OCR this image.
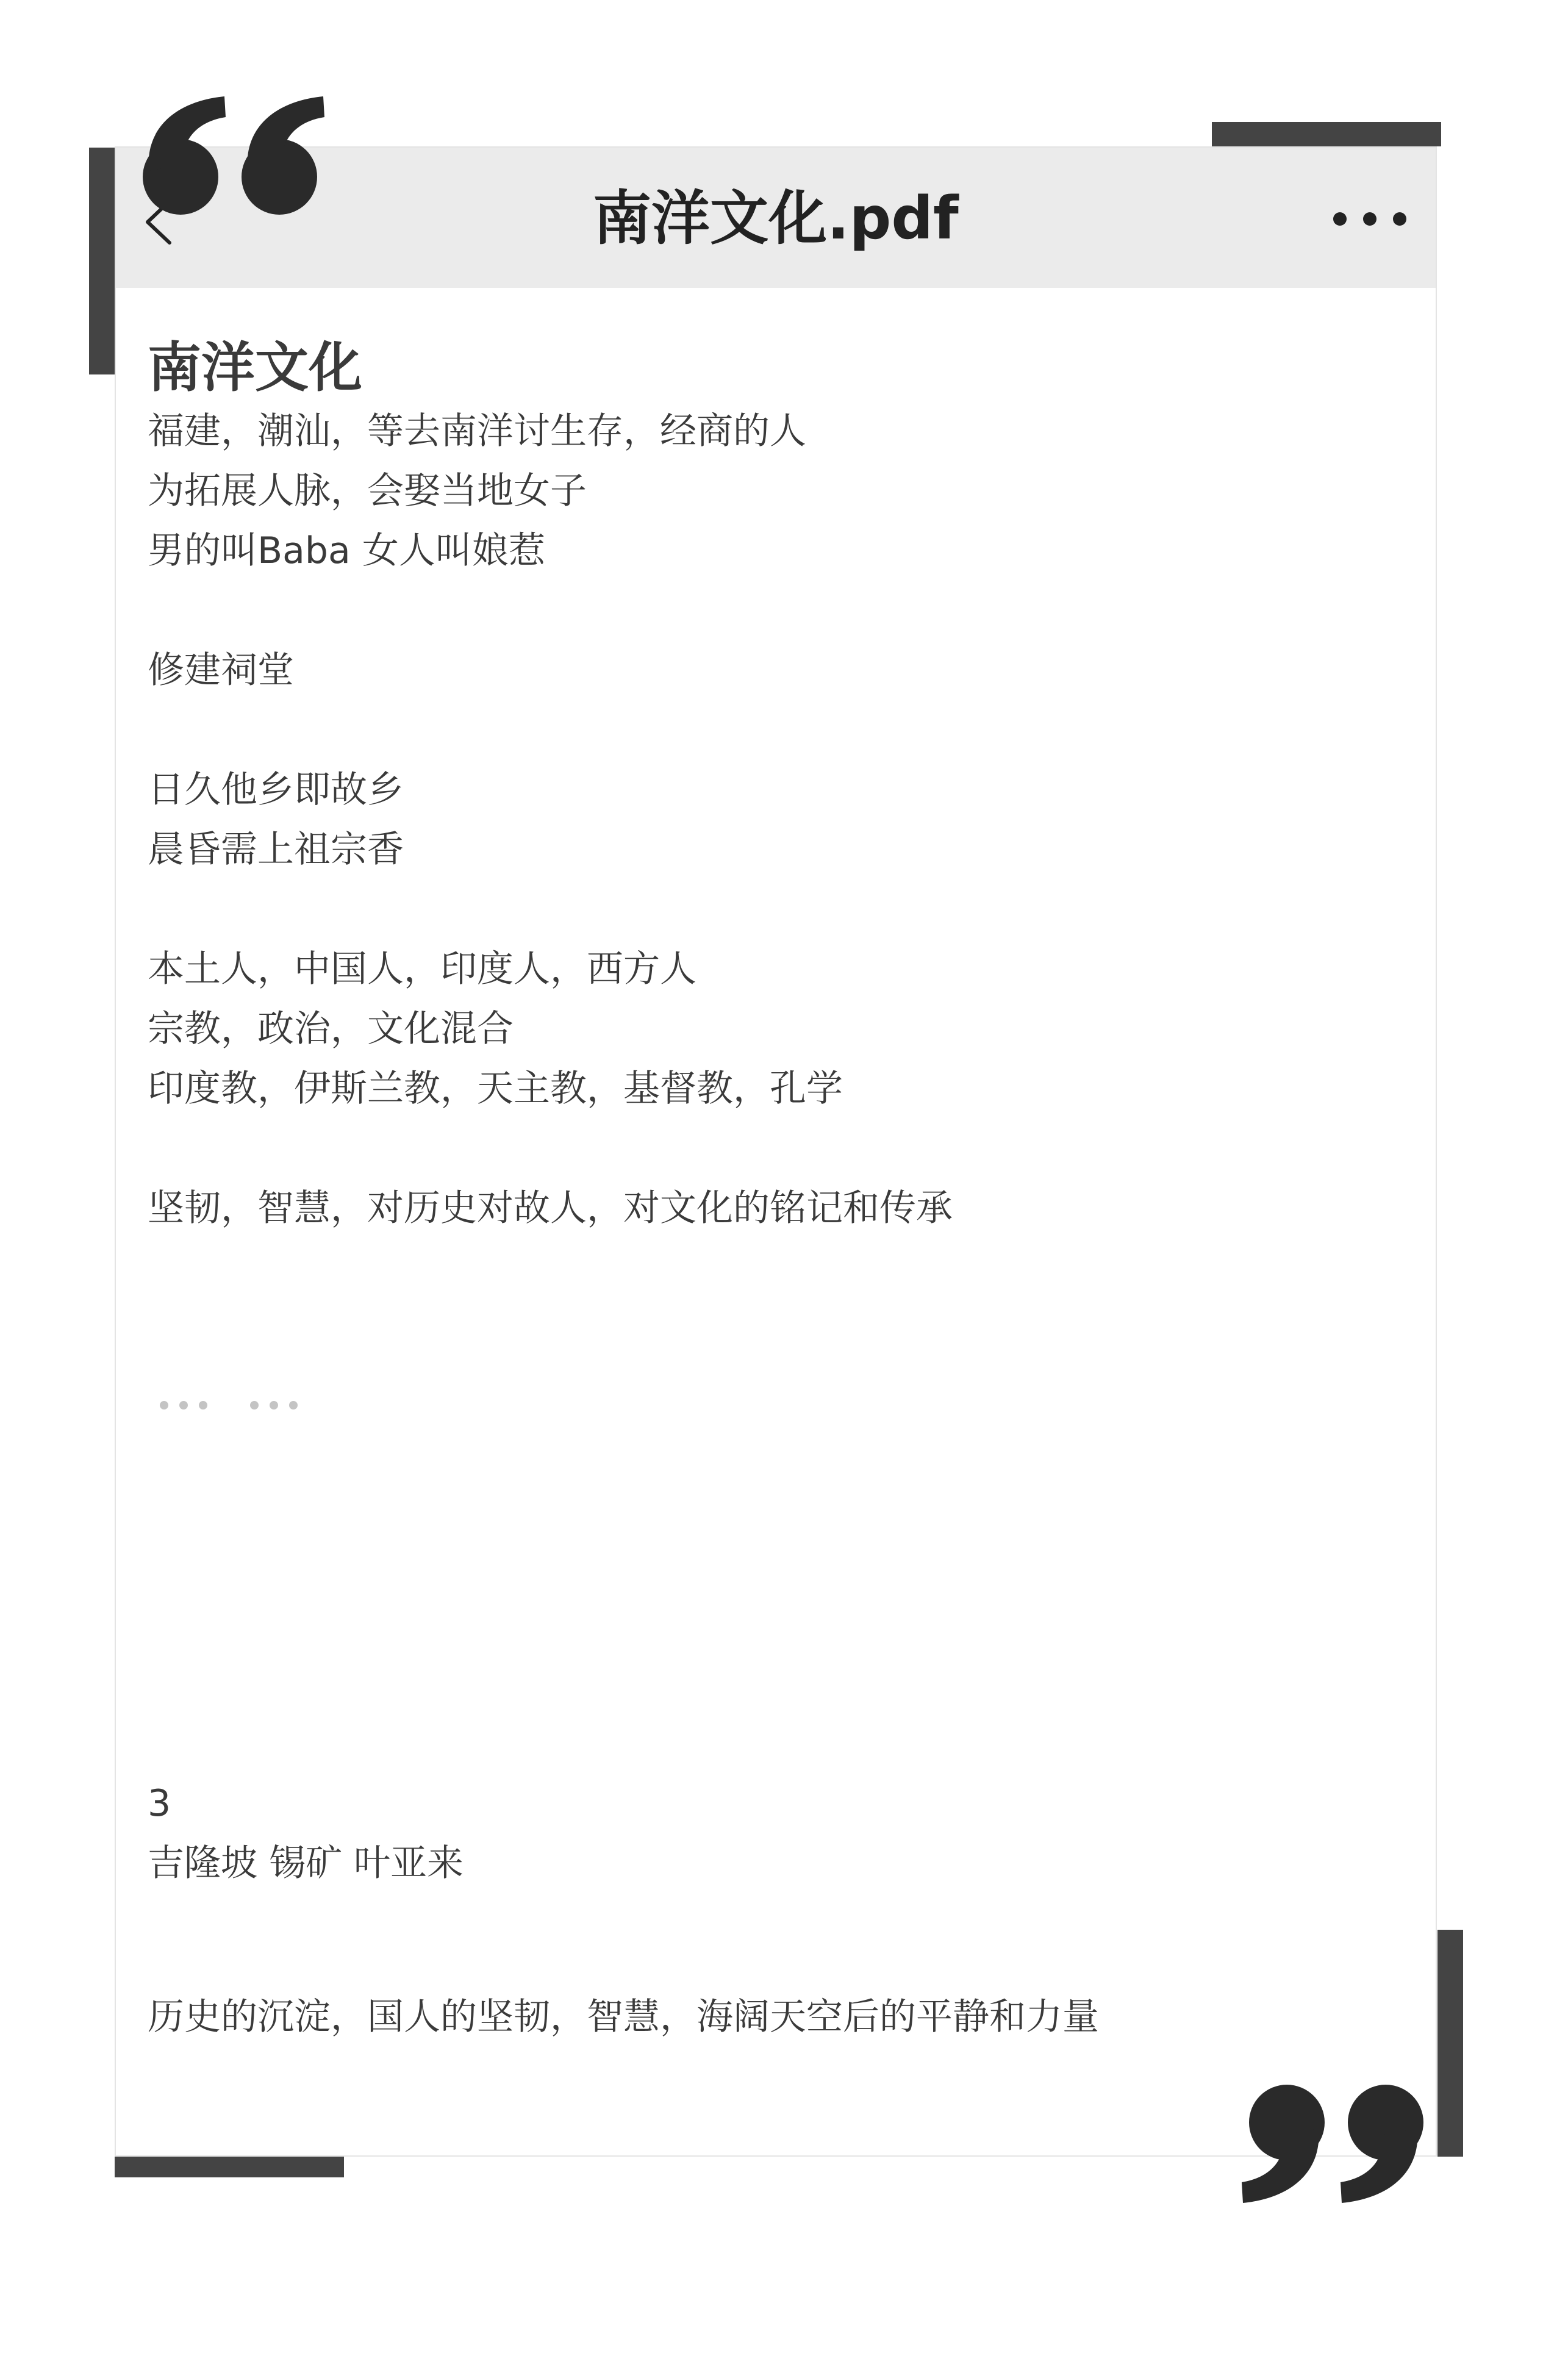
南洋文化.pdf
南洋文化
福建，潮汕，等去南洋讨生存，经商的人
为拓展人脉，会娶当地女子
男的叫Baba 女人叫娘惹
修建祠堂
日久他乡即故乡
晨昏需上祖宗香
本土人，中国人，印度人，西方人
宗教，政治，文化混合
印度教，伊斯兰教，天主教，基督教，孔学
坚韧，智慧，对历史对故人，对文化的铭记和传承
3
吉隆坡 锡矿 叶亚来
历史的沉淀，国人的坚韧，智慧，海阔天空后的平静和力量
